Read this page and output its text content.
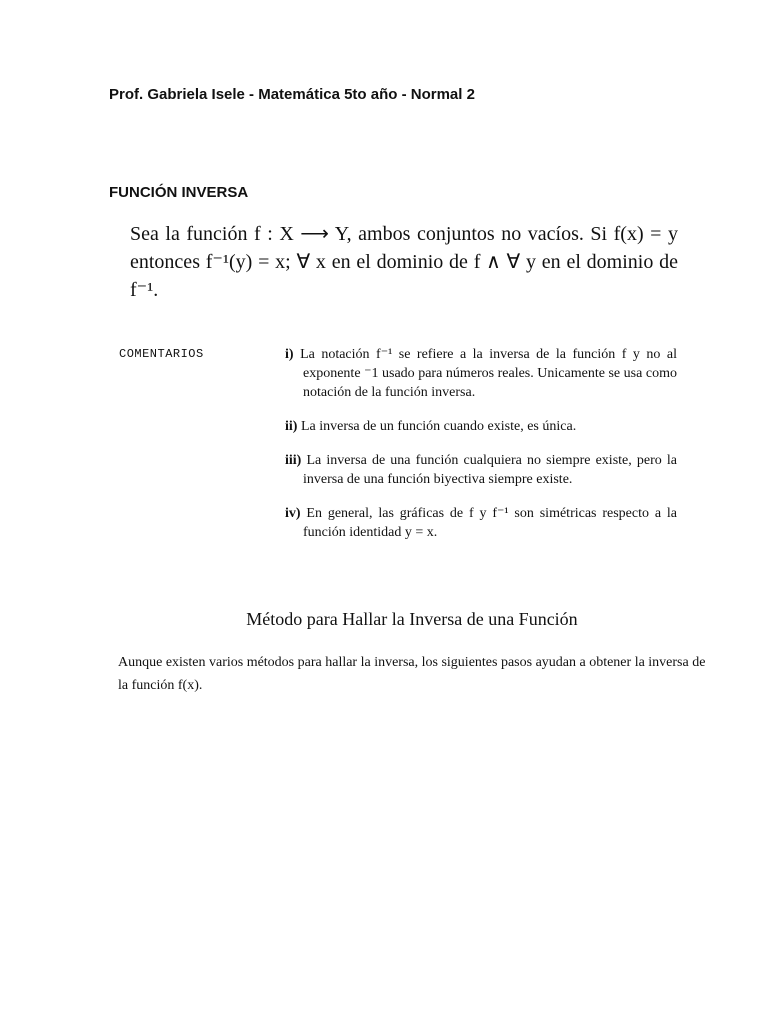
Prof. Gabriela Isele - Matemática 5to año - Normal 2

FUNCIÓN INVERSA

Sea la función f : X ⟶ Y, ambos conjuntos no vacíos. Si f(x) = y entonces f⁻¹(y) = x; ∀ x en el dominio de f ∧ ∀ y en el dominio de f⁻¹.

COMENTARIOS	i) La notación f⁻¹ se refiere a la inversa de la función f y no al exponente ⁻1 usado para números reales. Unicamente se usa como notación de la función inversa.
ii) La inversa de un función cuando existe, es única.
iii) La inversa de una función cualquiera no siempre existe, pero la inversa de una función biyectiva siempre existe.
iv) En general, las gráficas de f y f⁻¹ son simétricas respecto a la función identidad y = x.
Método para Hallar la Inversa de una Función

Aunque existen varios métodos para hallar la inversa, los siguientes pasos ayudan a obtener la inversa de la función f(x).
